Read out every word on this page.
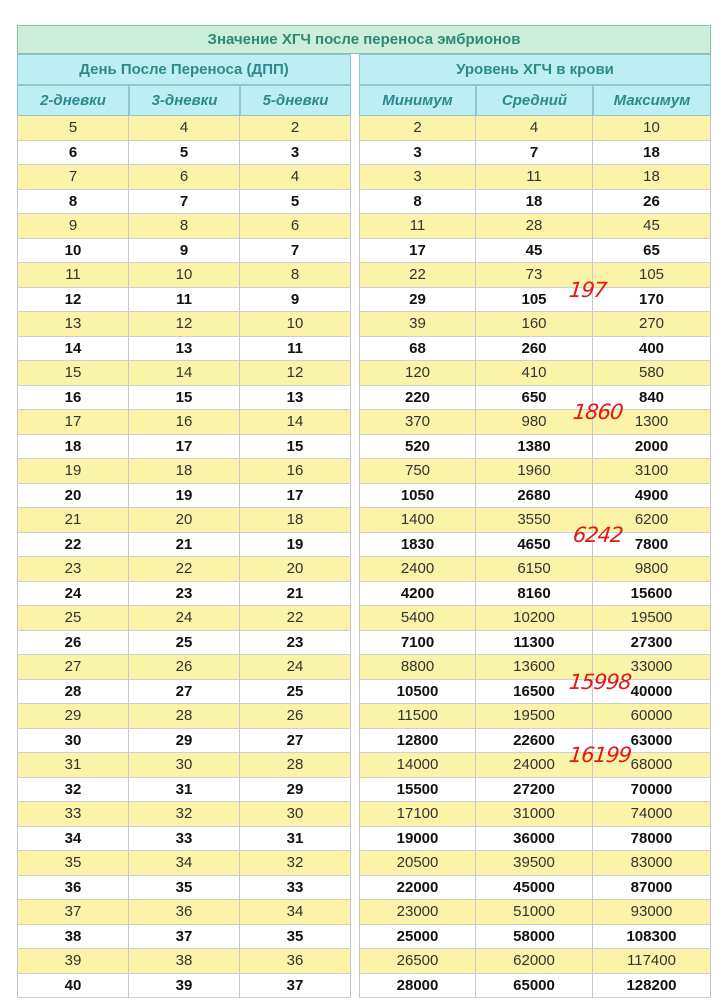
Значение ХГЧ после переноса эмбрионов
День После Переноса (ДПП)	Уровень ХГЧ в крови
2-дневки	3-дневки	5-дневки	Минимум	Средний	Максимум
5	4	2	2	4	10
6	5	3	3	7	18
7	6	4	3	11	18
8	7	5	8	18	26
9	8	6	11	28	45
10	9	7	17	45	65
11	10	8	22	73	105
12	11	9	29	105	170
13	12	10	39	160	270
14	13	11	68	260	400
15	14	12	120	410	580
16	15	13	220	650	840
17	16	14	370	980	1300
18	17	15	520	1380	2000
19	18	16	750	1960	3100
20	19	17	1050	2680	4900
21	20	18	1400	3550	6200
22	21	19	1830	4650	7800
23	22	20	2400	6150	9800
24	23	21	4200	8160	15600
25	24	22	5400	10200	19500
26	25	23	7100	11300	27300
27	26	24	8800	13600	33000
28	27	25	10500	16500	40000
29	28	26	11500	19500	60000
30	29	27	12800	22600	63000
31	30	28	14000	24000	68000
32	31	29	15500	27200	70000
33	32	30	17100	31000	74000
34	33	31	19000	36000	78000
35	34	32	20500	39500	83000
36	35	33	22000	45000	87000
37	36	34	23000	51000	93000
38	37	35	25000	58000	108300
39	38	36	26500	62000	117400
40	39	37	28000	65000	128200
197
1860
6242
15998
16199
